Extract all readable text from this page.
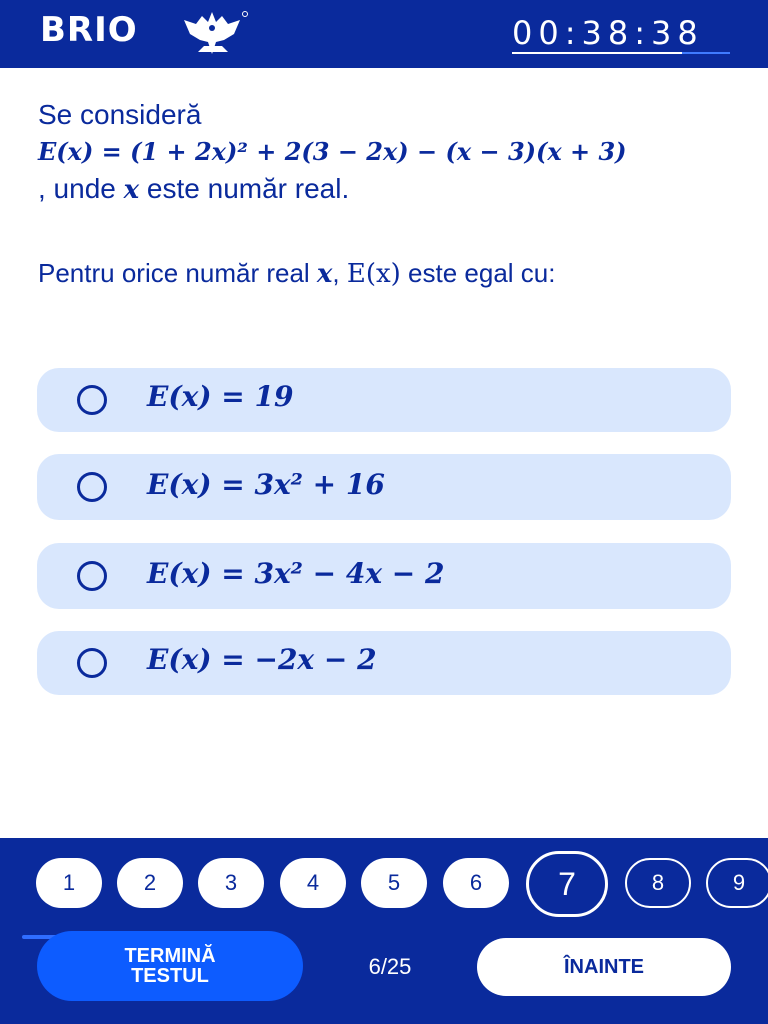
BRIO	00:38:38
Se consideră
E(x) = (1 + 2x)² + 2(3 − 2x) − (x − 3)(x + 3)
, unde x este număr real.
Pentru orice număr real x, E(x) este egal cu:
E(x) = 19
E(x) = 3x² + 16
E(x) = 3x² − 4x − 2
E(x) = −2x − 2
1	2	3	4	5	6	7	8	9
TERMINĂ
TESTUL	6/25	ÎNAINTE
